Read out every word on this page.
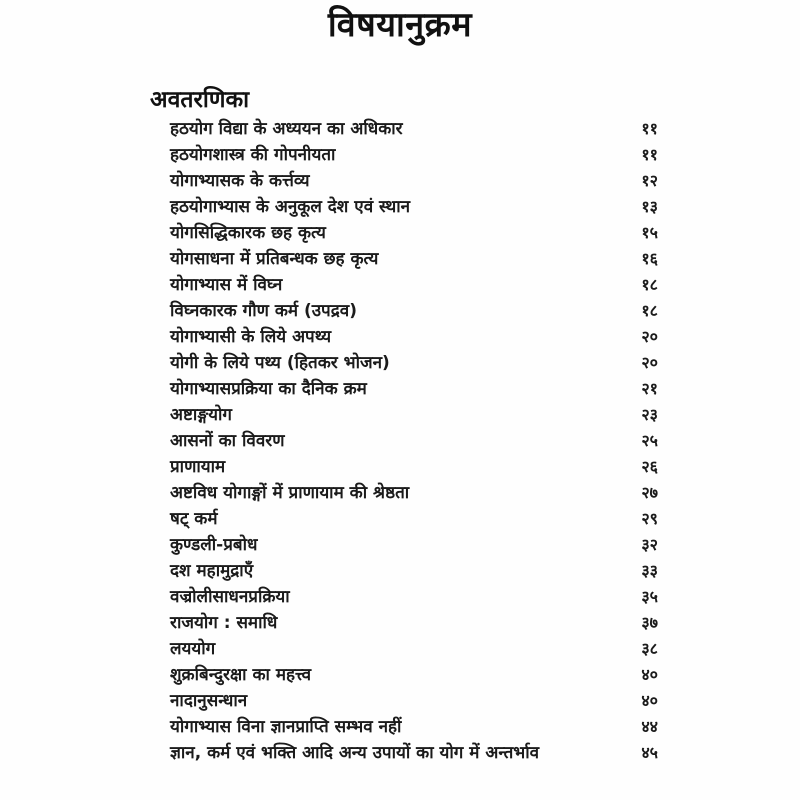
विषयानुक्रम
अवतरणिका
हठयोग विद्या के अध्ययन का अधिकार	११
हठयोगशास्त्र की गोपनीयता	११
योगाभ्यासक के कर्त्तव्य	१२
हठयोगाभ्यास के अनुकूल देश एवं स्थान	१३
योगसिद्धिकारक छह कृत्य	१५
योगसाधना में प्रतिबन्धक छह कृत्य	१६
योगाभ्यास में विघ्न	१८
विघ्नकारक गौण कर्म (उपद्रव)	१८
योगाभ्यासी के लिये अपथ्य	२०
योगी के लिये पथ्य (हितकर भोजन)	२०
योगाभ्यासप्रक्रिया का दैनिक क्रम	२१
अष्टाङ्गयोग	२३
आसनों का विवरण	२५
प्राणायाम	२६
अष्टविध योगाङ्गों में प्राणायाम की श्रेष्ठता	२७
षट् कर्म	२९
कुण्डली-प्रबोध	३२
दश महामुद्राएँ	३३
वज्रोलीसाधनप्रक्रिया	३५
राजयोग : समाधि	३७
लययोग	३८
शुक्रबिन्दुरक्षा का महत्त्व	४०
नादानुसन्धान	४०
योगाभ्यास विना ज्ञानप्राप्ति सम्भव नहीं	४४
ज्ञान, कर्म एवं भक्ति आदि अन्य उपायों का योग में अन्तर्भाव	४५
